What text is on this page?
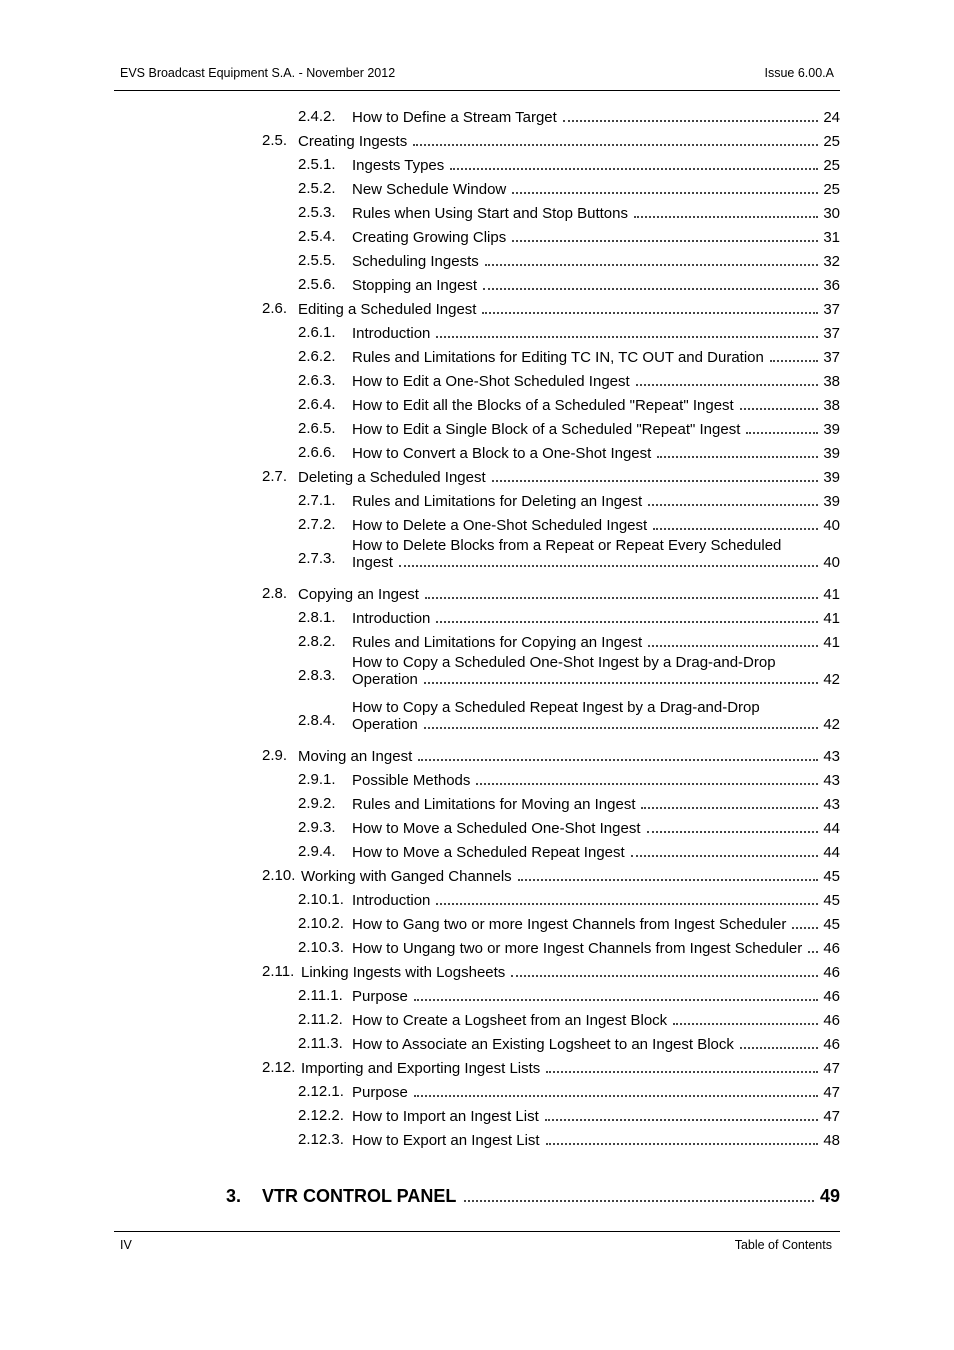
EVS Broadcast Equipment S.A. - November 2012	Issue 6.00.A
2.4.2. How to Define a Stream Target	24
2.5. Creating Ingests	25
2.5.1. Ingests Types	25
2.5.2. New Schedule Window	25
2.5.3. Rules when Using Start and Stop Buttons	30
2.5.4. Creating Growing Clips	31
2.5.5. Scheduling Ingests	32
2.5.6. Stopping an Ingest	36
2.6. Editing a Scheduled Ingest	37
2.6.1. Introduction	37
2.6.2. Rules and Limitations for Editing TC IN, TC OUT and Duration	37
2.6.3. How to Edit a One-Shot Scheduled Ingest	38
2.6.4. How to Edit all the Blocks of a Scheduled "Repeat" Ingest	38
2.6.5. How to Edit a Single Block of a Scheduled "Repeat" Ingest	39
2.6.6. How to Convert a Block to a One-Shot Ingest	39
2.7. Deleting a Scheduled Ingest	39
2.7.1. Rules and Limitations for Deleting an Ingest	39
2.7.2. How to Delete a One-Shot Scheduled Ingest	40
2.7.3.
How to Delete Blocks from a Repeat or Repeat Every Scheduled
Ingest	40
2.8. Copying an Ingest	41
2.8.1. Introduction	41
2.8.2. Rules and Limitations for Copying an Ingest	41
2.8.3.
How to Copy a Scheduled One-Shot Ingest by a Drag-and-Drop
Operation	42
2.8.4.
How to Copy a Scheduled Repeat Ingest by a Drag-and-Drop
Operation	42
2.9. Moving an Ingest	43
2.9.1. Possible Methods	43
2.9.2. Rules and Limitations for Moving an Ingest	43
2.9.3. How to Move a Scheduled One-Shot Ingest	44
2.9.4. How to Move a Scheduled Repeat Ingest	44
2.10. Working with Ganged Channels	45
2.10.1. Introduction	45
2.10.2. How to Gang two or more Ingest Channels from Ingest Scheduler 45
2.10.3. How to Ungang two or more Ingest Channels from Ingest Scheduler 46
2.11. Linking Ingests with Logsheets	46
2.11.1. Purpose	46
2.11.2. How to Create a Logsheet from an Ingest Block	46
2.11.3. How to Associate an Existing Logsheet to an Ingest Block	46
2.12. Importing and Exporting Ingest Lists	47
2.12.1. Purpose	47
2.12.2. How to Import an Ingest List	47
2.12.3. How to Export an Ingest List	48
3. VTR CONTROL PANEL	49
IV	Table of Contents
